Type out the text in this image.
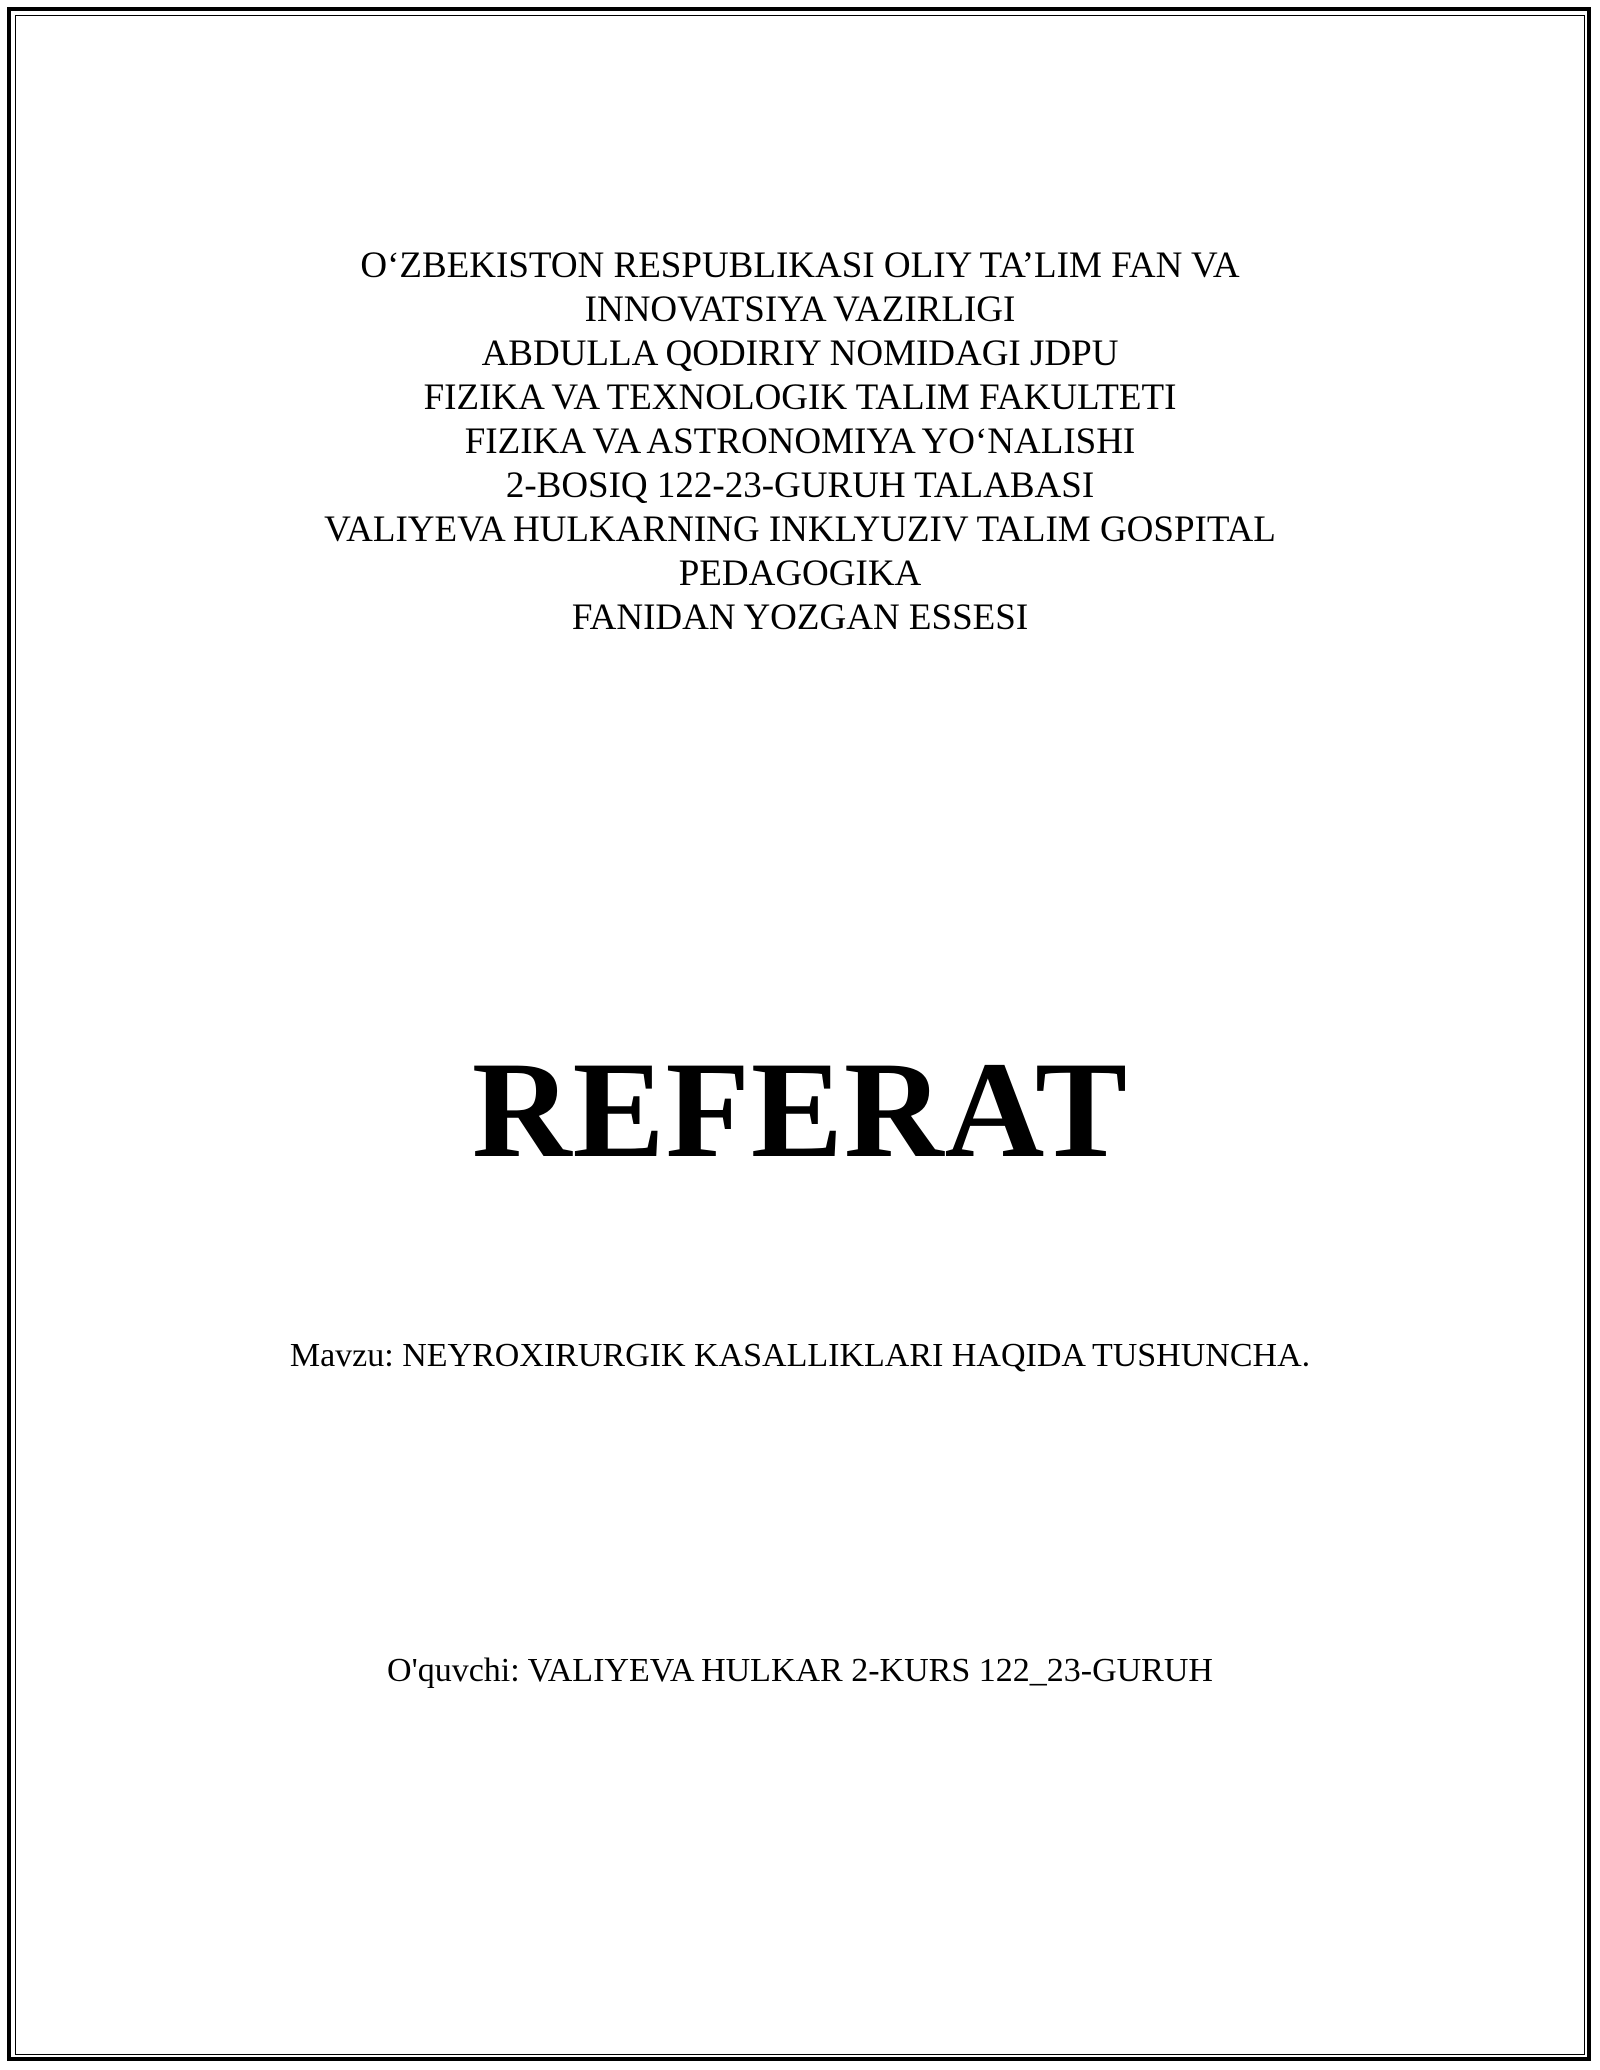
O‘ZBEKISTON RESPUBLIKASI OLIY TA’LIM FAN VA
INNOVATSIYA VAZIRLIGI
ABDULLA QODIRIY NOMIDAGI JDPU
FIZIKA VA TEXNOLOGIK TALIM FAKULTETI
FIZIKA VA ASTRONOMIYA YO‘NALISHI
2-BOSIQ 122-23-GURUH TALABASI
VALIYEVA HULKARNING INKLYUZIV TALIM GOSPITAL
PEDAGOGIKA
FANIDAN YOZGAN ESSESI
REFERAT
Mavzu: NEYROXIRURGIK KASALLIKLARI HAQIDA TUSHUNCHA.
O'quvchi: VALIYEVA HULKAR 2-KURS 122_23-GURUH
